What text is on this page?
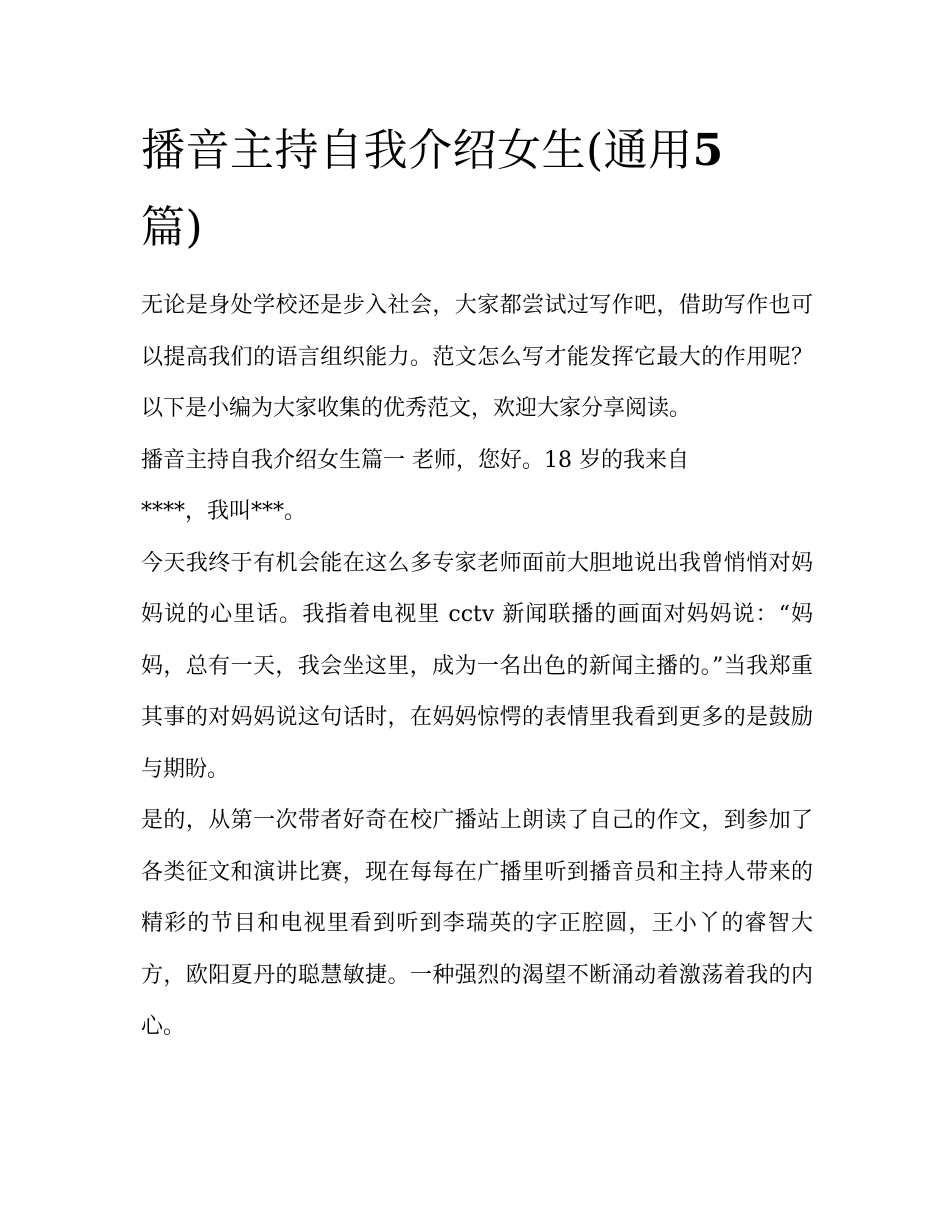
播音主持自我介绍女生(通用5
篇)

无论是身处学校还是步入社会，大家都尝试过写作吧，借助写作也可以提高我们的语言组织能力。范文怎么写才能发挥它最大的作用呢？以下是小编为大家收集的优秀范文，欢迎大家分享阅读。

播音主持自我介绍女生篇一 老师，您好。18 岁的我来自

****，我叫***。

今天我终于有机会能在这么多专家老师面前大胆地说出我曾悄悄对妈妈说的心里话。我指着电视里 cctv 新闻联播的画面对妈妈说：“妈妈，总有一天，我会坐这里，成为一名出色的新闻主播的。”当我郑重其事的对妈妈说这句话时，在妈妈惊愕的表情里我看到更多的是鼓励与期盼。

是的，从第一次带者好奇在校广播站上朗读了自己的作文，到参加了各类征文和演讲比赛，现在每每在广播里听到播音员和主持人带来的精彩的节目和电视里看到听到李瑞英的字正腔圆，王小丫的睿智大方，欧阳夏丹的聪慧敏捷。一种强烈的渴望不断涌动着激荡着我的内心。
